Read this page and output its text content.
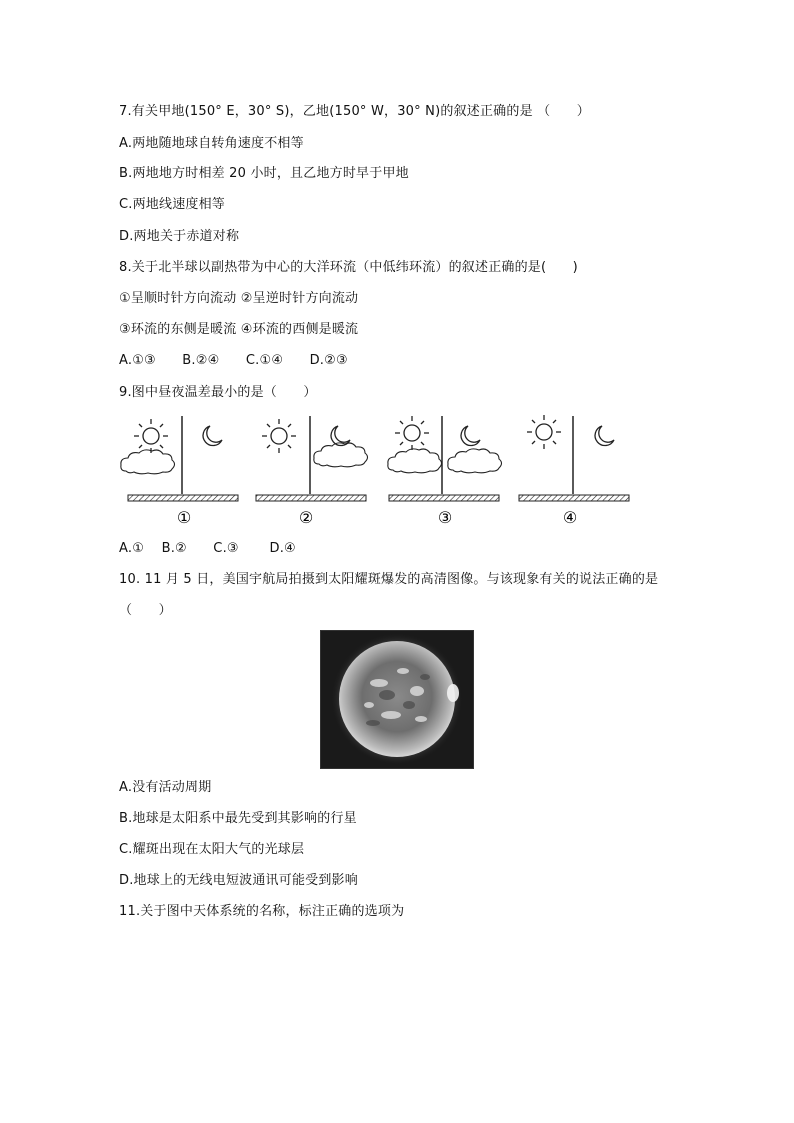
7.有关甲地(150° E，30° S)，乙地(150° W，30° N)的叙述正确的是 （　　）
A.两地随地球自转角速度不相等
B.两地地方时相差 20 小时，且乙地方时早于甲地
C.两地线速度相等
D.两地关于赤道对称
8.关于北半球以副热带为中心的大洋环流（中低纬环流）的叙述正确的是(　　)
①呈顺时针方向流动 ②呈逆时针方向流动
③环流的东侧是暖流 ④环流的西侧是暖流
A.①③　　B.②④　　C.①④　　D.②③
9.图中昼夜温差最小的是（　　）
①	②	③	④
A.①　 B.②　　C.③　　 D.④
10. 11 月 5 日，美国宇航局拍摄到太阳耀斑爆发的高清图像。与该现象有关的说法正确的是
（　　）
A.没有活动周期
B.地球是太阳系中最先受到其影响的行星
C.耀斑出现在太阳大气的光球层
D.地球上的无线电短波通讯可能受到影响
11.关于图中天体系统的名称，标注正确的选项为
